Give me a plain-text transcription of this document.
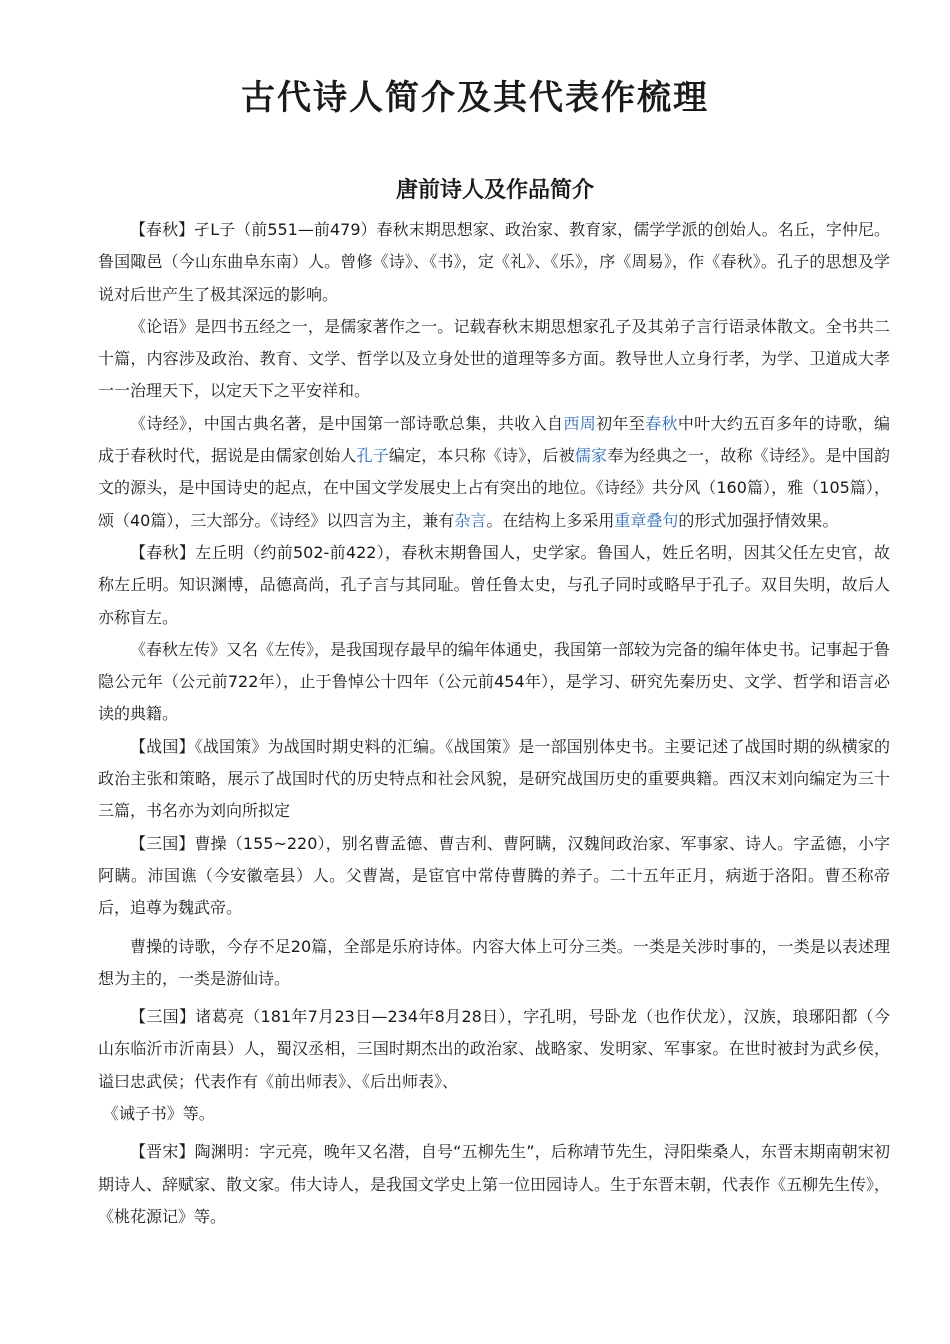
古代诗人简介及其代表作梳理
唐前诗人及作品简介

【春秋】孑L子（前551—前479）春秋末期思想家、政治家、教育家，儒学学派的创始人。名丘，字仲尼。鲁国陬邑（今山东曲阜东南）人。曾修《诗》、《书》，定《礼》、《乐》，序《周易》，作《春秋》。孔子的思想及学说对后世产生了极其深远的影响。

《论语》是四书五经之一，是儒家著作之一。记载春秋末期思想家孔子及其弟子言行语录体散文。全书共二十篇，内容涉及政治、教育、文学、哲学以及立身处世的道理等多方面。教导世人立身行孝，为学、卫道成大孝一一治理天下，以定天下之平安祥和。

《诗经》，中国古典名著，是中国第一部诗歌总集，共收入自西周初年至春秋中叶大约五百多年的诗歌，编成于春秋时代，据说是由儒家创始人孔子编定，本只称《诗》，后被儒家奉为经典之一，故称《诗经》。是中国韵文的源头，是中国诗史的起点，在中国文学发展史上占有突出的地位。《诗经》共分风（160篇），雅（105篇），颂（40篇），三大部分。《诗经》以四言为主，兼有杂言。在结构上多采用重章叠句的形式加强抒情效果。

【春秋】左丘明（约前502-前422），春秋末期鲁国人，史学家。鲁国人，姓丘名明，因其父任左史官，故称左丘明。知识渊博，品德高尚，孔子言与其同耻。曾任鲁太史，与孔子同时或略早于孔子。双目失明，故后人亦称盲左。

《春秋左传》又名《左传》，是我国现存最早的编年体通史，我国第一部较为完备的编年体史书。记事起于鲁隐公元年（公元前722年），止于鲁悼公十四年（公元前454年），是学习、研究先秦历史、文学、哲学和语言必读的典籍。

【战国】《战国策》为战国时期史料的汇编。《战国策》是一部国别体史书。主要记述了战国时期的纵横家的政治主张和策略，展示了战国时代的历史特点和社会风貌，是研究战国历史的重要典籍。西汉末刘向编定为三十三篇，书名亦为刘向所拟定

【三国】曹操（155~220），别名曹孟德、曹吉利、曹阿瞒，汉魏间政治家、军事家、诗人。字孟德，小字阿瞒。沛国谯（今安徽亳县）人。父曹嵩，是宦官中常侍曹腾的养子。二十五年正月，病逝于洛阳。曹丕称帝后，追尊为魏武帝。

曹操的诗歌，今存不足20篇，全部是乐府诗体。内容大体上可分三类。一类是关涉时事的，一类是以表述理想为主的，一类是游仙诗。

【三国】诸葛亮（181年7月23日—234年8月28日），字孔明，号卧龙（也作伏龙），汉族，琅琊阳都（今山东临沂市沂南县）人，蜀汉丞相，三国时期杰出的政治家、战略家、发明家、军事家。在世时被封为武乡侯，谥曰忠武侯；代表作有《前出师表》、《后出师表》、

《诫子书》等。

【晋宋】陶渊明：字元亮，晚年又名潜，自号“五柳先生”，后称靖节先生，浔阳柴桑人，东晋末期南朝宋初期诗人、辞赋家、散文家。伟大诗人，是我国文学史上第一位田园诗人。生于东晋末朝，代表作《五柳先生传》，《桃花源记》等。
